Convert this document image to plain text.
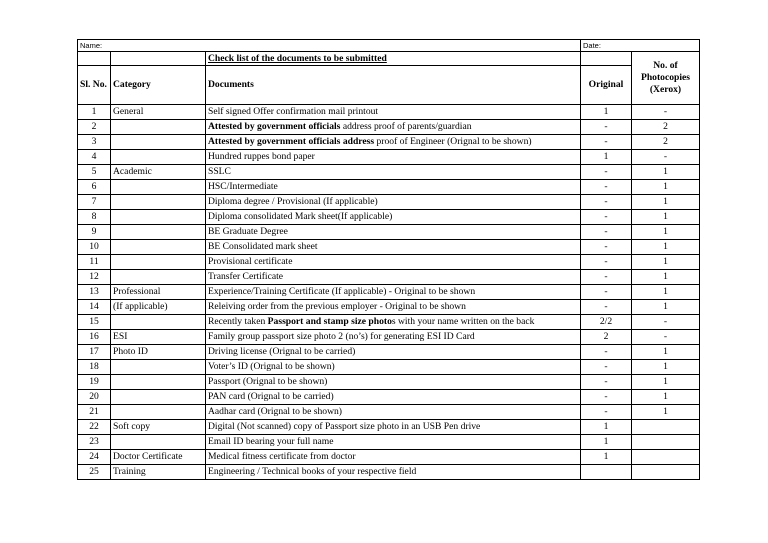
Name:			Date:	
		Check list of the documents to be submitted		No. of Photocopies (Xerox)
Sl. No.	Category	Documents	Original	
1	General	Self signed Offer confirmation mail printout	1	-
2		Attested by government officials address proof of parents/guardian	-	2
3		Attested by government officials address proof of Engineer (Orignal to be shown)	-	2
4		Hundred ruppes bond paper	1	-
5	Academic	SSLC	-	1
6		HSC/Intermediate	-	1
7		Diploma degree / Provisional (If applicable)	-	1
8		Diploma consolidated Mark sheet(If applicable)	-	1
9		BE Graduate Degree	-	1
10		BE Consolidated mark sheet	-	1
11		Provisional certificate	-	1
12		Transfer Certificate	-	1
13	Professional	Experience/Training Certificate (If applicable) - Original to be shown	-	1
14	(If applicable)	Releiving order from the previous employer - Original to be shown	-	1
15		Recently taken Passport and stamp size photos with your name written on the back	2/2	-
16	ESI	Family group passport size photo 2 (no’s) for generating ESI ID Card	2	-
17	Photo ID	Driving license (Orignal to be carried)	-	1
18		Voter’s ID (Orignal to be shown)	-	1
19		Passport (Orignal to be shown)	-	1
20		PAN card (Orignal to be carried)	-	1
21		Aadhar card (Orignal to be shown)	-	1
22	Soft copy	Digital (Not scanned) copy of Passport size photo in an USB Pen drive	1	
23		Email ID bearing your full name	1	
24	Doctor Certificate	Medical fitness certificate from doctor	1	
25	Training	Engineering / Technical books of your respective field		
